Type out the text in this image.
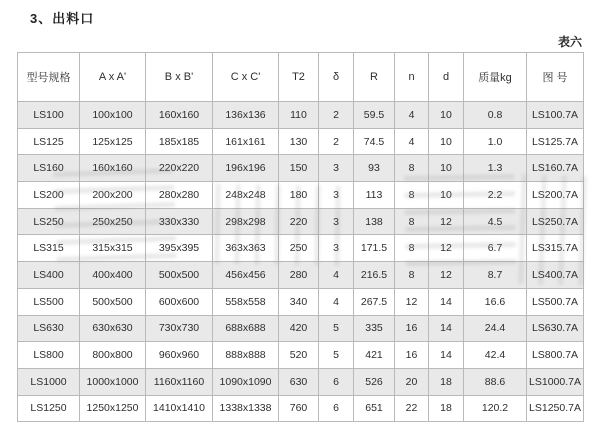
3、出料口
表六
型号规格	A x A'	B x B'	C x C'	T2	δ	R	n	d	质量kg	图 号
LS100	100x100	160x160	136x136	110	2	59.5	4	10	0.8	LS100.7A
LS125	125x125	185x185	161x161	130	2	74.5	4	10	1.0	LS125.7A
LS160	160x160	220x220	196x196	150	3	93	8	10	1.3	LS160.7A
LS200	200x200	280x280	248x248	180	3	113	8	10	2.2	LS200.7A
LS250	250x250	330x330	298x298	220	3	138	8	12	4.5	LS250.7A
LS315	315x315	395x395	363x363	250	3	171.5	8	12	6.7	LS315.7A
LS400	400x400	500x500	456x456	280	4	216.5	8	12	8.7	LS400.7A
LS500	500x500	600x600	558x558	340	4	267.5	12	14	16.6	LS500.7A
LS630	630x630	730x730	688x688	420	5	335	16	14	24.4	LS630.7A
LS800	800x800	960x960	888x888	520	5	421	16	14	42.4	LS800.7A
LS1000	1000x1000	1160x1160	1090x1090	630	6	526	20	18	88.6	LS1000.7A
LS1250	1250x1250	1410x1410	1338x1338	760	6	651	22	18	120.2	LS1250.7A
